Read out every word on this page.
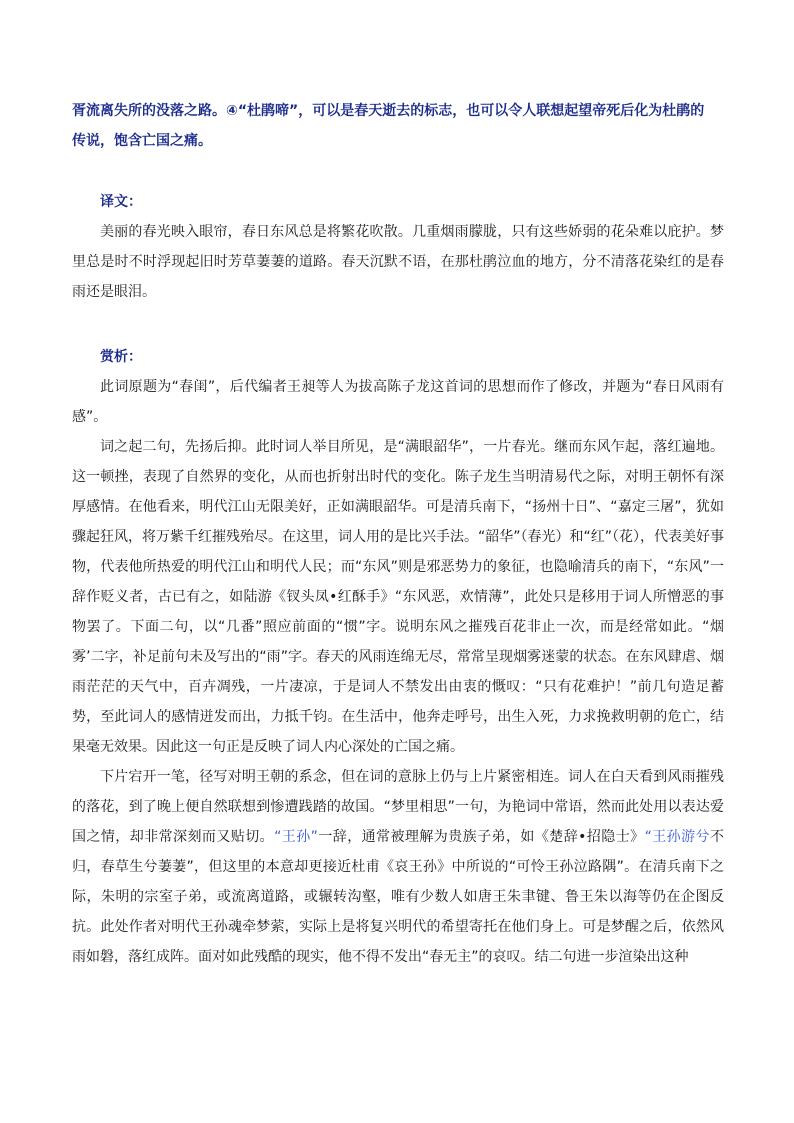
胥流离失所的没落之路。④“杜鹃啼”，可以是春天逝去的标志，也可以令人联想起望帝死后化为杜鹃的

传说，饱含亡国之痛。

译文：

美丽的春光映入眼帘，春日东风总是将繁花吹散。几重烟雨朦胧，只有这些娇弱的花朵难以庇护。梦里总是时不时浮现起旧时芳草萋萋的道路。春天沉默不语，在那杜鹃泣血的地方，分不清落花染红的是春雨还是眼泪。

赏析：

此词原题为“春闺”，后代编者王昶等人为拔高陈子龙这首词的思想而作了修改，并题为“春日风雨有感”。

词之起二句，先扬后抑。此时词人举目所见，是“满眼韶华”，一片春光。继而东风乍起，落红遍地。这一顿挫，表现了自然界的变化，从而也折射出时代的变化。陈子龙生当明清易代之际，对明王朝怀有深厚感情。在他看来，明代江山无限美好，正如满眼韶华。可是清兵南下，“扬州十日”、“嘉定三屠”，犹如骤起狂风，将万紫千红摧残殆尽。在这里，词人用的是比兴手法。“韶华”（春光）和“红”（花），代表美好事物，代表他所热爱的明代江山和明代人民；而“东风”则是邪恶势力的象征，也隐喻清兵的南下，“东风”一辞作贬义者，古已有之，如陆游《钗头凤•红酥手》“东风恶，欢情薄”，此处只是移用于词人所憎恶的事物罢了。下面二句，以“几番”照应前面的“惯”字。说明东风之摧残百花非止一次，而是经常如此。“烟雾’二字，补足前句未及写出的“雨”字。春天的风雨连绵无尽，常常呈现烟雾迷蒙的状态。在东风肆虐、烟雨茫茫的天气中，百卉凋残，一片凄凉，于是词人不禁发出由衷的慨叹：“只有花难护！”前几句造足蓄势，至此词人的感情迸发而出，力抵千钧。在生活中，他奔走呼号，出生入死，力求挽救明朝的危亡，结果毫无效果。因此这一句正是反映了词人内心深处的亡国之痛。

下片宕开一笔，径写对明王朝的系念，但在词的意脉上仍与上片紧密相连。词人在白天看到风雨摧残的落花，到了晚上便自然联想到惨遭践踏的故国。“梦里相思”一句，为艳词中常语，然而此处用以表达爱国之情，却非常深刻而又贴切。“王孙”一辞，通常被理解为贵族子弟，如《楚辞•招隐士》“王孙游兮不归，春草生兮萋萋”，但这里的本意却更接近杜甫《哀王孙》中所说的“可怜王孙泣路隅”。在清兵南下之际，朱明的宗室子弟，或流离道路，或辗转沟壑，唯有少数人如唐王朱聿键、鲁王朱以海等仍在企图反抗。此处作者对明代王孙魂牵梦萦，实际上是将复兴明代的希望寄托在他们身上。可是梦醒之后，依然风雨如磐，落红成阵。面对如此残酷的现实，他不得不发出“春无主”的哀叹。结二句进一步渲染出这种
